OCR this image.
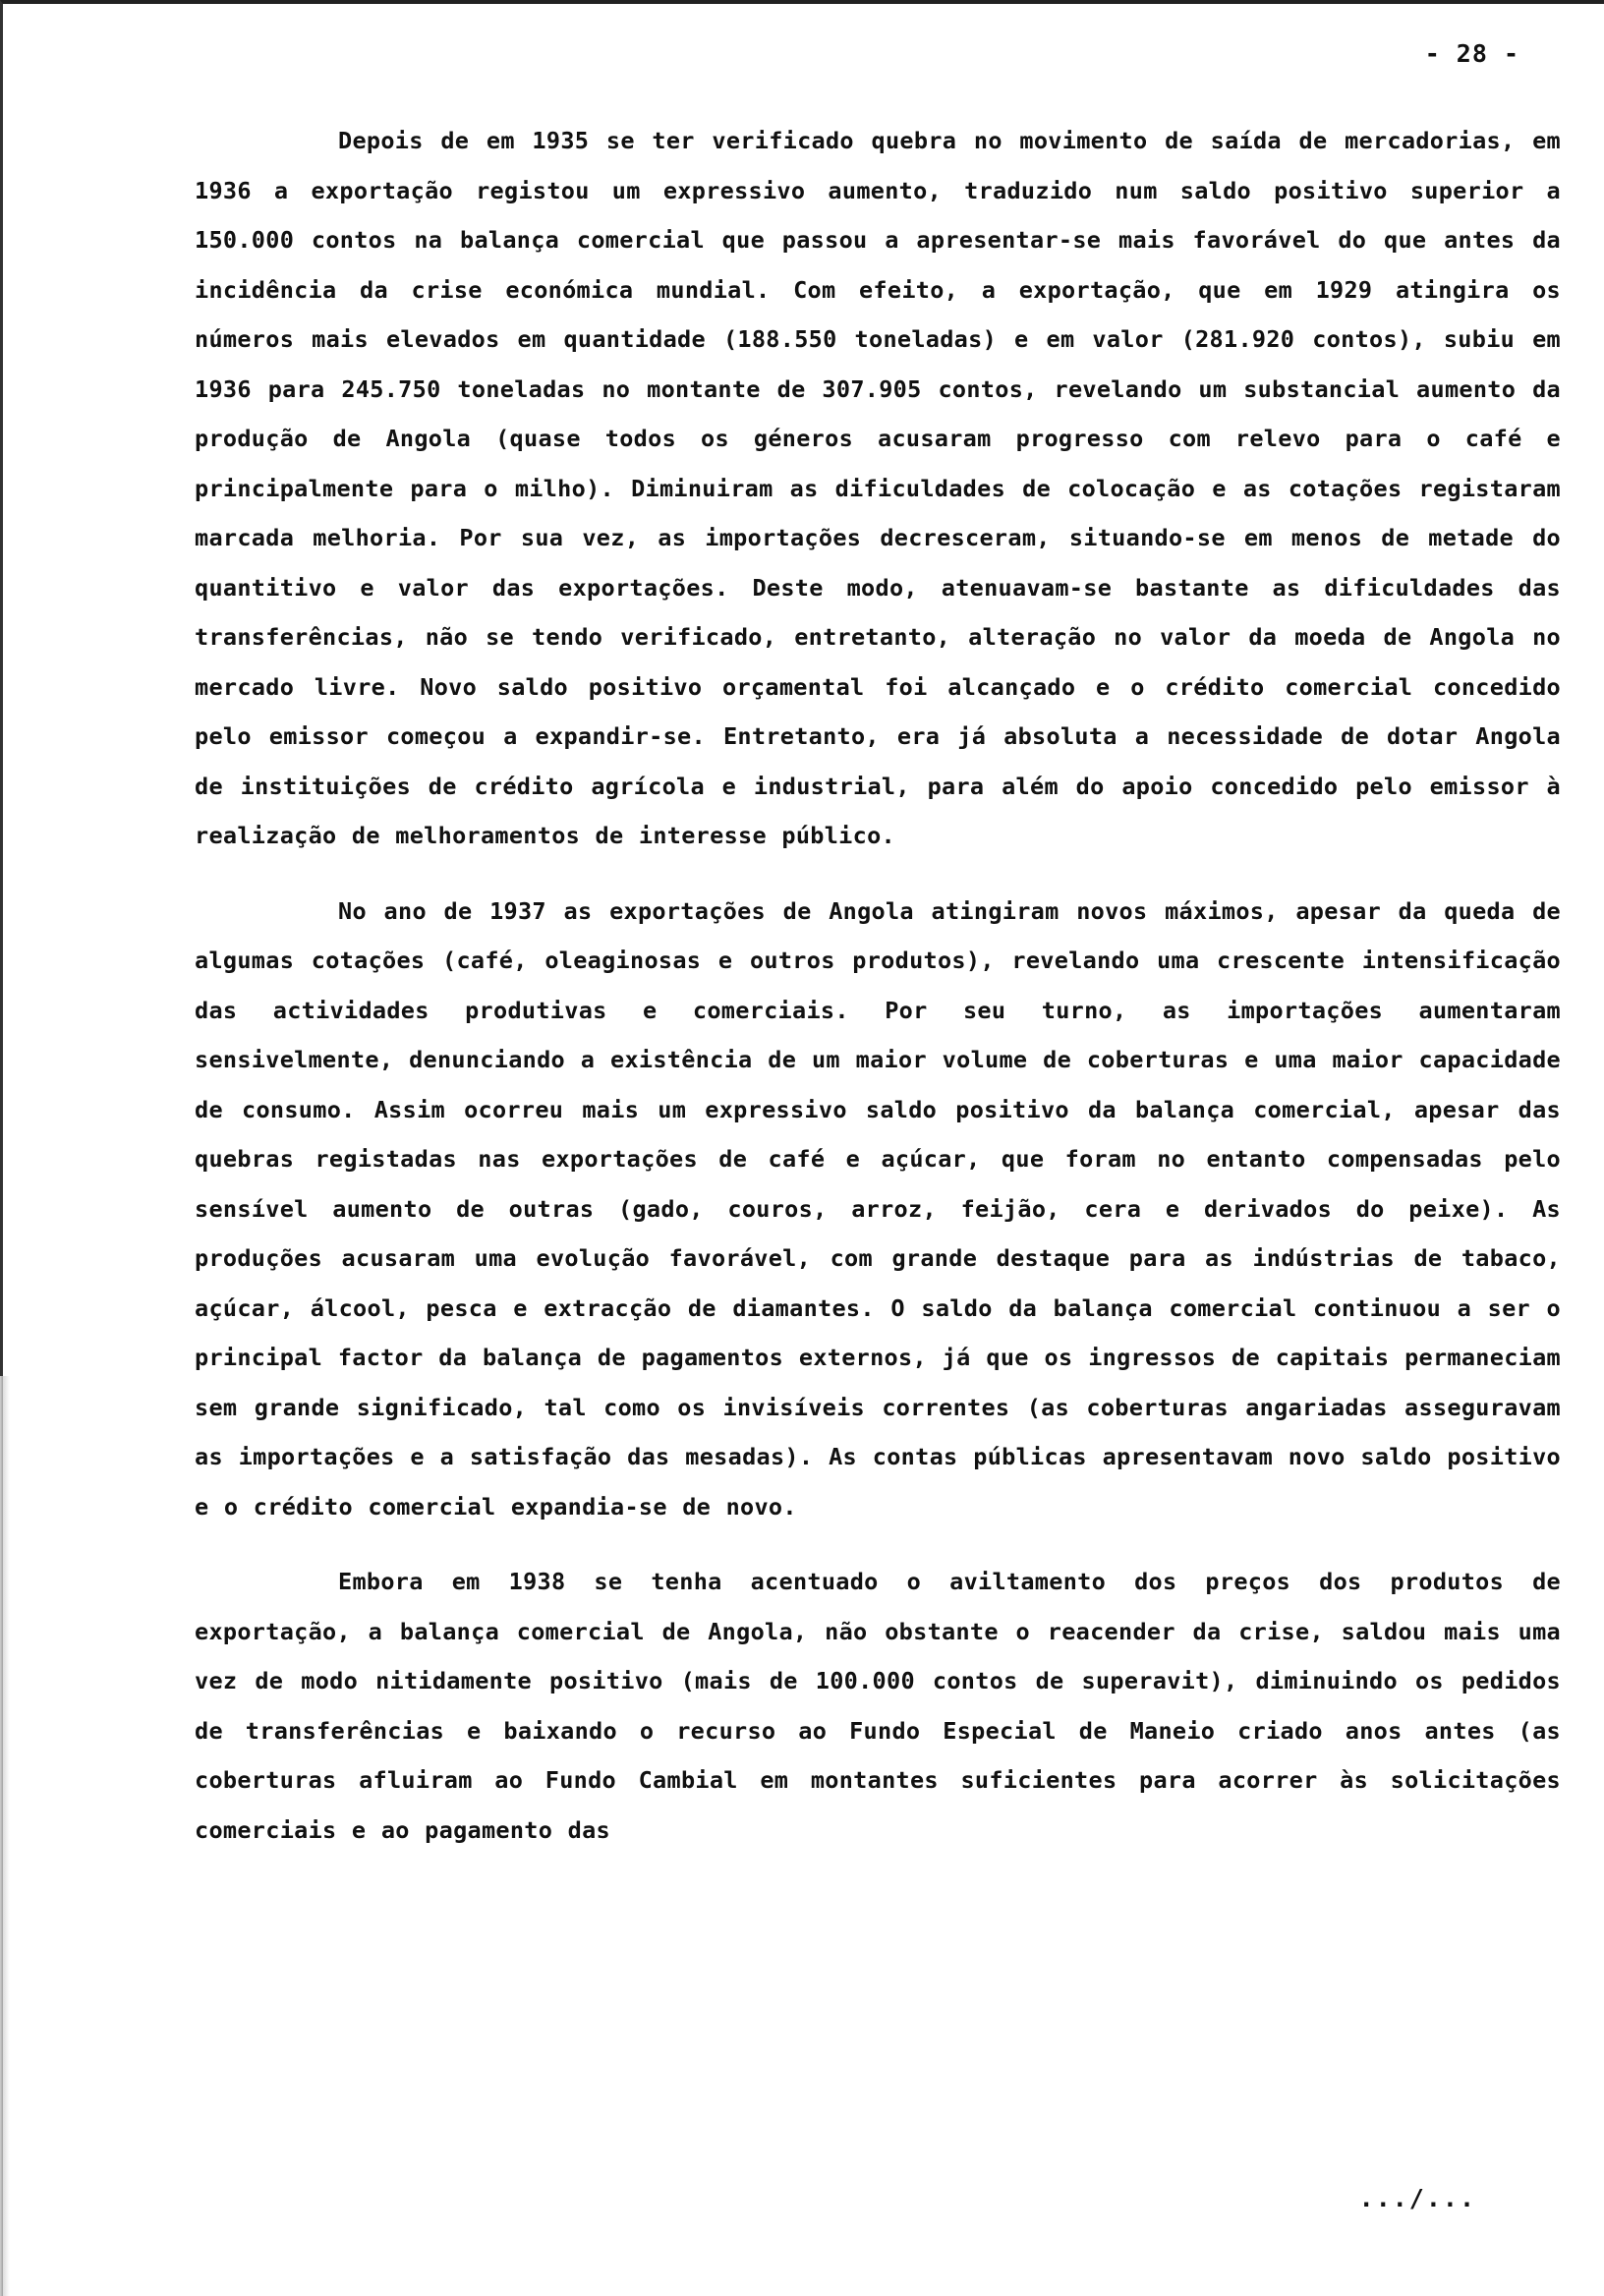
- 28 -

Depois de em 1935 se ter verificado quebra no movimento de saída de mercadorias, em 1936 a exportação registou um expressivo aumento, traduzido num saldo positivo superior a 150.000 contos na balança comercial que passou a apresentar-se mais favorável do que antes da incidência da crise económica mundial. Com efeito, a exportação, que em 1929 atingira os números mais elevados em quantidade (188.550 toneladas) e em valor (281.920 contos), subiu em 1936 para 245.750 toneladas no montante de 307.905 contos, revelando um substancial aumento da produção de Angola (quase todos os géneros acusaram progresso com relevo para o café e principalmente para o milho). Diminuiram as dificuldades de colocação e as cotações registaram marcada melhoria. Por sua vez, as importações decresceram, situando-se em menos de metade do quantitivo e valor das exportações. Deste modo, atenuavam-se bastante as dificuldades das transferências, não se tendo verificado, entretanto, alteração no valor da moeda de Angola no mercado livre. Novo saldo positivo orçamental foi alcançado e o crédito comercial concedido pelo emissor começou a expandir-se. Entretanto, era já absoluta a necessidade de dotar Angola de instituições de crédito agrícola e industrial, para além do apoio concedido pelo emissor à realização de melhoramentos de interesse público.

No ano de 1937 as exportações de Angola atingiram novos máximos, apesar da queda de algumas cotações (café, oleaginosas e outros produtos), revelando uma crescente intensificação das actividades produtivas e comerciais. Por seu turno, as importações aumentaram sensivelmente, denunciando a existência de um maior volume de coberturas e uma maior capacidade de consumo. Assim ocorreu mais um expressivo saldo positivo da balança comercial, apesar das quebras registadas nas exportações de café e açúcar, que foram no entanto compensadas pelo sensível aumento de outras (gado, couros, arroz, feijão, cera e derivados do peixe). As produções acusaram uma evolução favorável, com grande destaque para as indústrias de tabaco, açúcar, álcool, pesca e extracção de diamantes. O saldo da balança comercial continuou a ser o principal factor da balança de pagamentos externos, já que os ingressos de capitais permaneciam sem grande significado, tal como os invisíveis correntes (as coberturas angariadas asseguravam as importações e a satisfação das mesadas). As contas públicas apresentavam novo saldo positivo e o crédito comercial expandia-se de novo.

Embora em 1938 se tenha acentuado o aviltamento dos preços dos produtos de exportação, a balança comercial de Angola, não obstante o reacender da crise, saldou mais uma vez de modo nitidamente positivo (mais de 100.000 contos de superavit), diminuindo os pedidos de transferências e baixando o recurso ao Fundo Especial de Maneio criado anos antes (as coberturas afluiram ao Fundo Cambial em montantes suficientes para acorrer às solicitações comerciais e ao pagamento das

.../...
